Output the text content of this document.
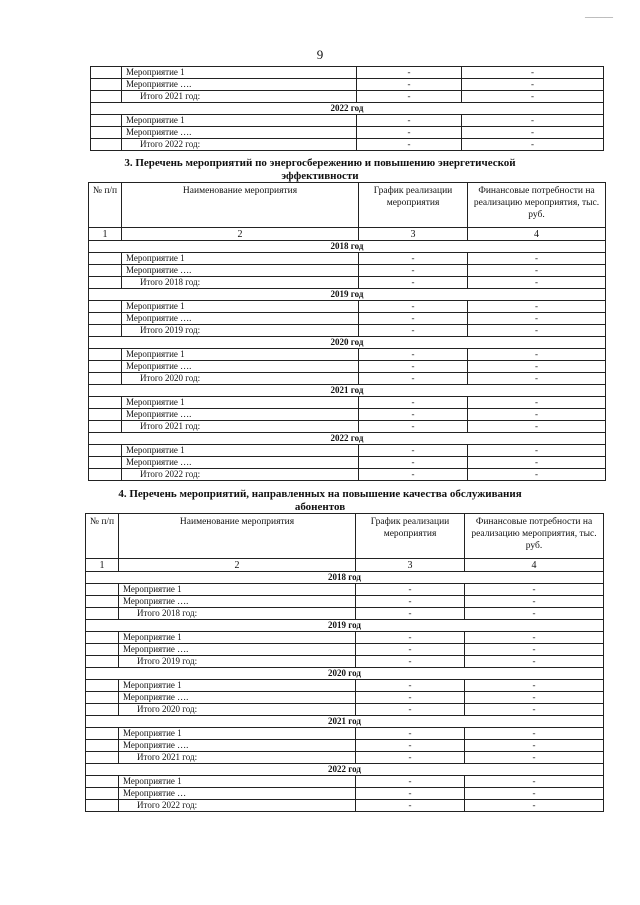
_______
9
	Мероприятие 1	-	-
	Мероприятие ….	-	-
	Итого 2021 год:	-	-
2022 год			
	Мероприятие 1	-	-
	Мероприятие ….	-	-
	Итого 2022 год:	-	-
3. Перечень мероприятий по энергосбережению и повышению энергетической
эффективности
№ п/п	Наименование мероприятия	График реализации мероприятия	Финансовые потребности на реализацию мероприятия, тыс. руб.
1	2	3	4
2018 год			
	Мероприятие 1	-	-
	Мероприятие ….	-	-
	Итого 2018 год:	-	-
2019 год			
	Мероприятие 1	-	-
	Мероприятие ….	-	-
	Итого 2019 год:	-	-
2020 год			
	Мероприятие 1	-	-
	Мероприятие ….	-	-
	Итого 2020 год:	-	-
2021 год			
	Мероприятие 1	-	-
	Мероприятие ….	-	-
	Итого 2021 год:	-	-
2022 год			
	Мероприятие 1	-	-
	Мероприятие ….	-	-
	Итого 2022 год:	-	-
4. Перечень мероприятий, направленных на повышение качества обслуживания
абонентов
№ п/п	Наименование мероприятия	График реализации мероприятия	Финансовые потребности на реализацию мероприятия, тыс. руб.
1	2	3	4
2018 год			
	Мероприятие 1	-	-
	Мероприятие ….	-	-
	Итого 2018 год:	-	-
2019 год			
	Мероприятие 1	-	-
	Мероприятие ….	-	-
	Итого 2019 год:	-	-
2020 год			
	Мероприятие 1	-	-
	Мероприятие ….	-	-
	Итого 2020 год:	-	-
2021 год			
	Мероприятие 1	-	-
	Мероприятие ….	-	-
	Итого 2021 год:	-	-
2022 год			
	Мероприятие 1	-	-
	Мероприятие …	-	-
	Итого 2022 год:	-	-
